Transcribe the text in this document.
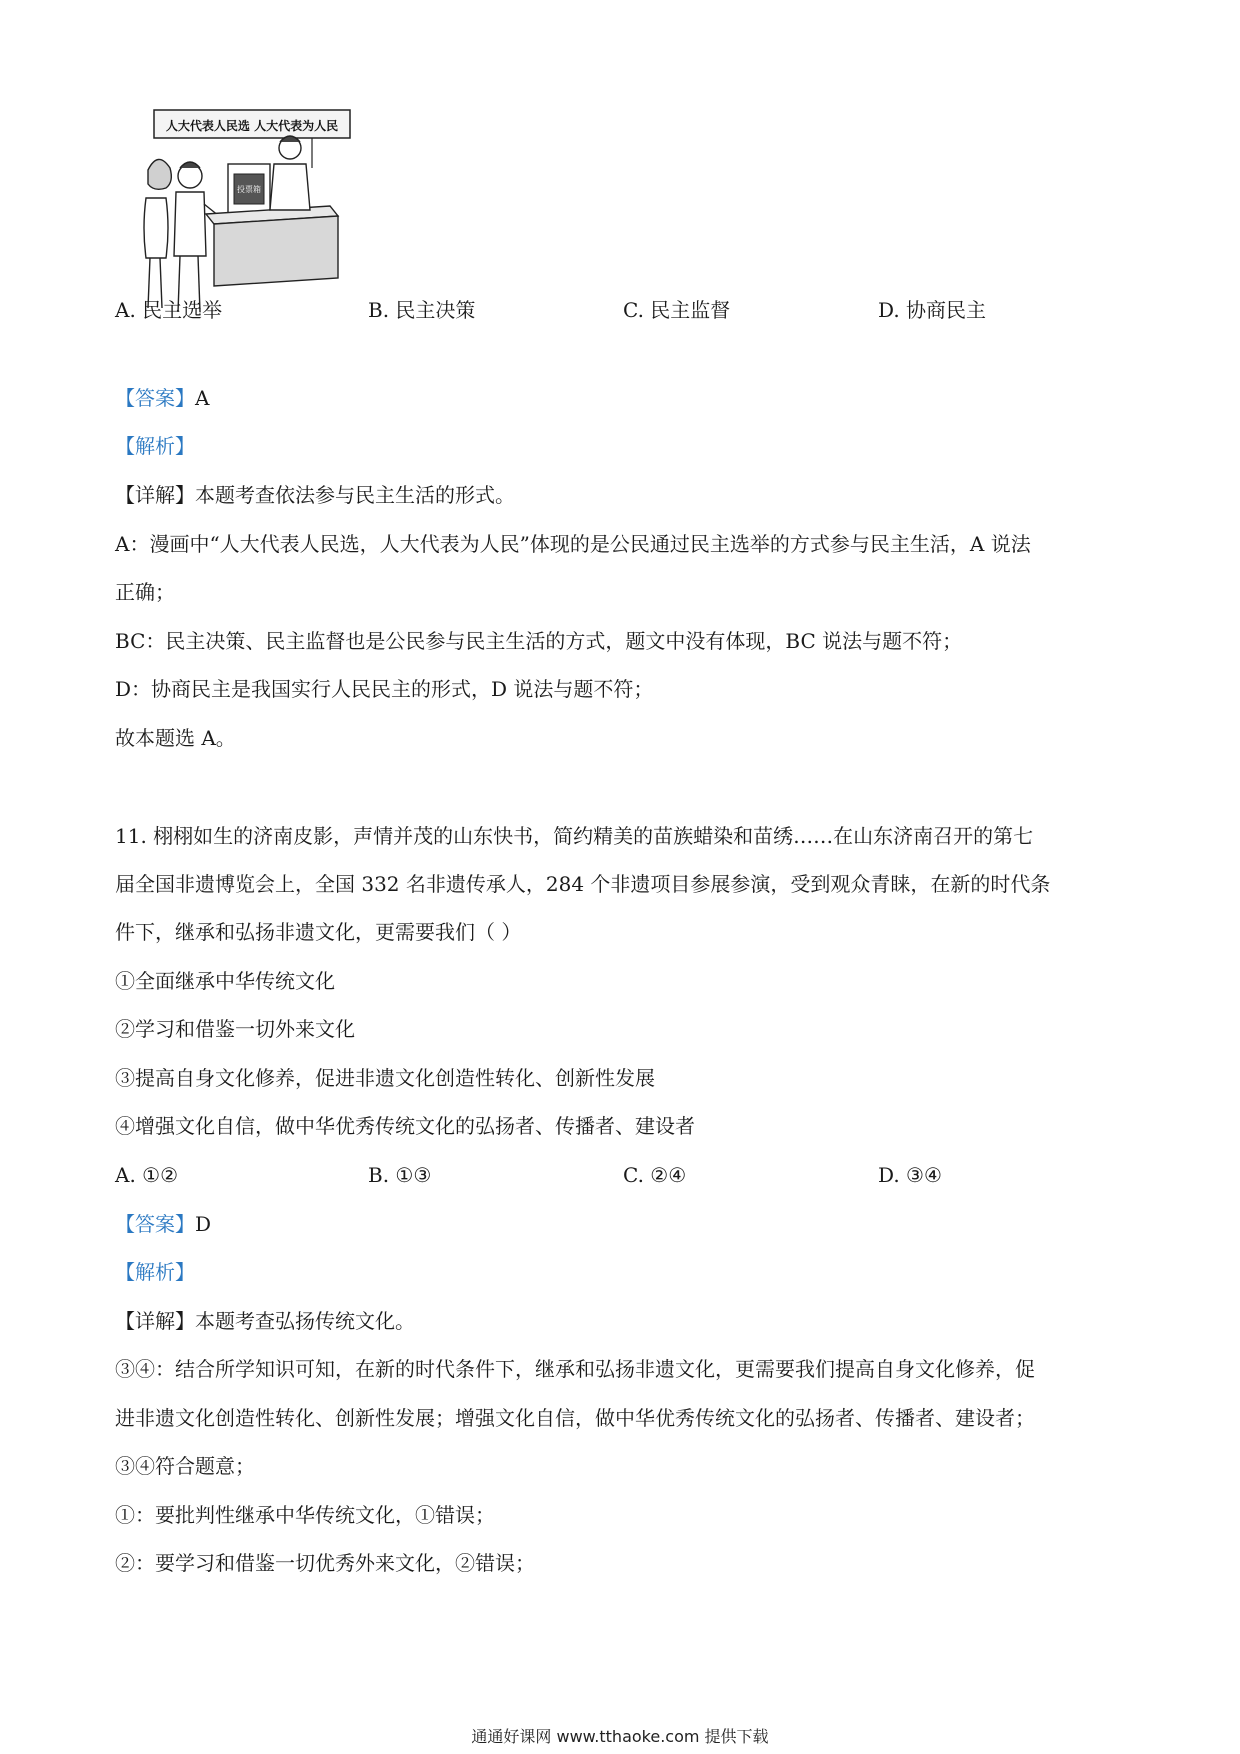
人大代表人民选 人大代表为人民
投票箱
A. 民主选举	B. 民主决策	C. 民主监督	D. 协商民主
【答案】A
【解析】
【详解】本题考查依法参与民主生活的形式。
A：漫画中“人大代表人民选，人大代表为人民”体现的是公民通过民主选举的方式参与民主生活，A 说法
正确；
BC：民主决策、民主监督也是公民参与民主生活的方式，题文中没有体现，BC 说法与题不符；
D：协商民主是我国实行人民民主的形式，D 说法与题不符；
故本题选 A。
11. 栩栩如生的济南皮影，声情并茂的山东快书，简约精美的苗族蜡染和苗绣……在山东济南召开的第七
届全国非遗博览会上，全国 332 名非遗传承人，284 个非遗项目参展参演，受到观众青睐，在新的时代条
件下，继承和弘扬非遗文化，更需要我们（ ）
①全面继承中华传统文化
②学习和借鉴一切外来文化
③提高自身文化修养，促进非遗文化创造性转化、创新性发展
④增强文化自信，做中华优秀传统文化的弘扬者、传播者、建设者
A. ①②	B. ①③	C. ②④	D. ③④
【答案】D
【解析】
【详解】本题考查弘扬传统文化。
③④：结合所学知识可知，在新的时代条件下，继承和弘扬非遗文化，更需要我们提高自身文化修养，促
进非遗文化创造性转化、创新性发展；增强文化自信，做中华优秀传统文化的弘扬者、传播者、建设者；
③④符合题意；
①：要批判性继承中华传统文化，①错误；
②：要学习和借鉴一切优秀外来文化，②错误；
通通好课网 www.tthaoke.com 提供下载
